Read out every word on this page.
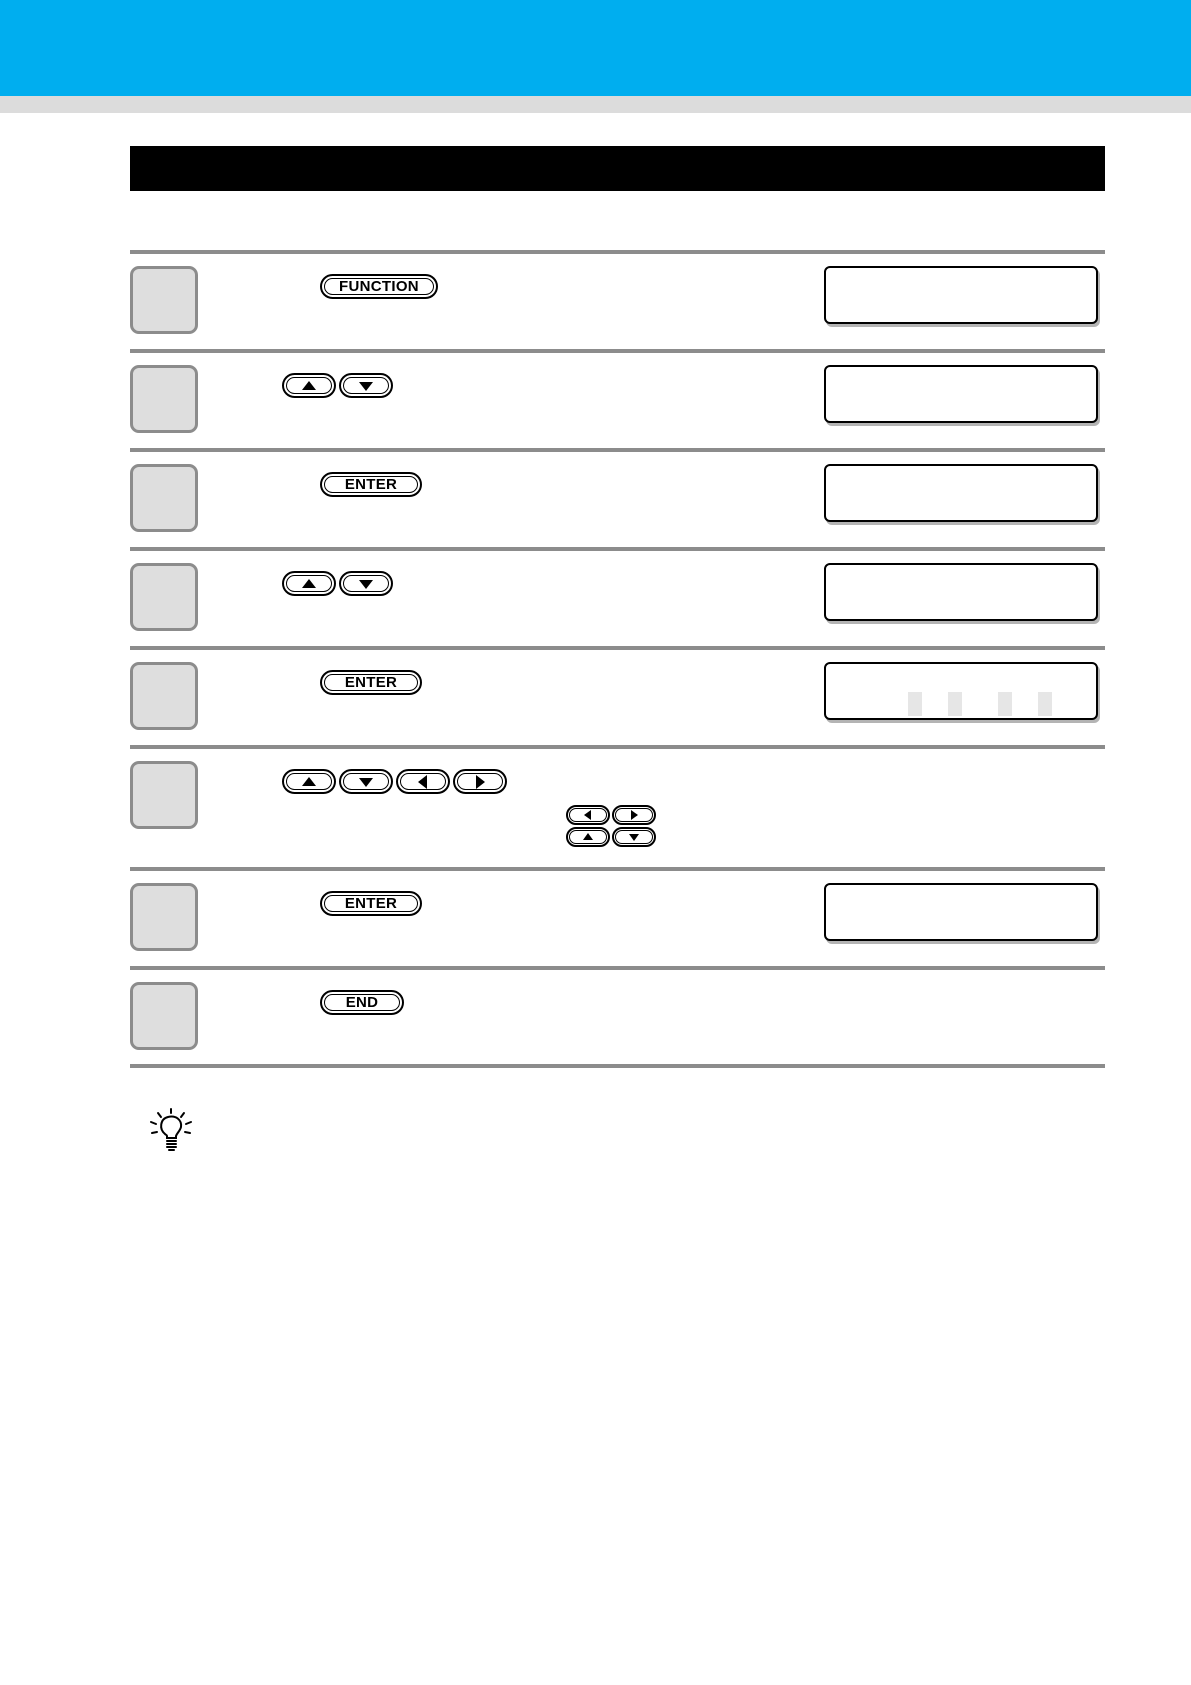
FUNCTION
ENTER
ENTER
ENTER
END
